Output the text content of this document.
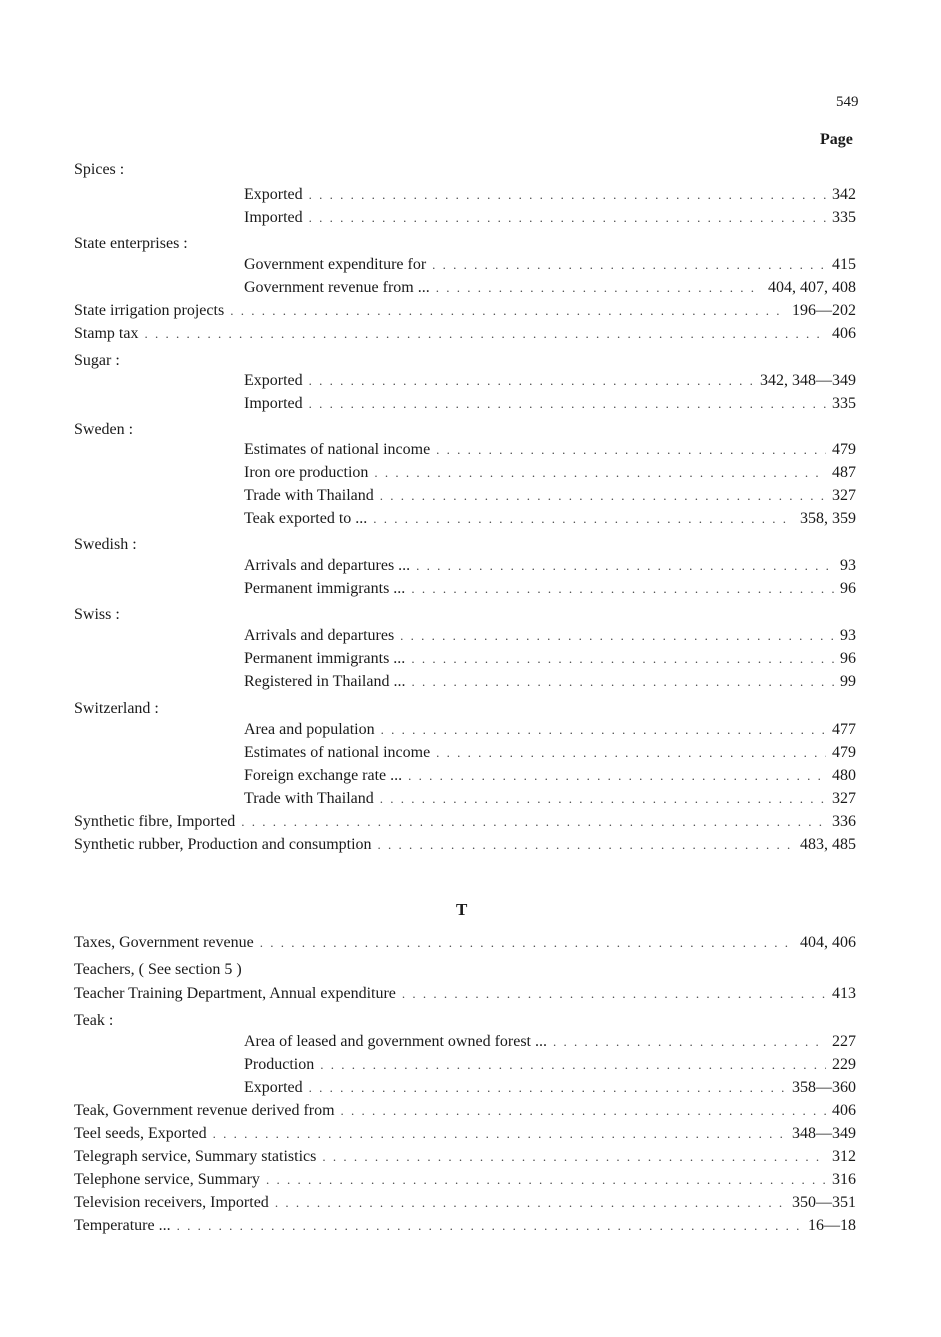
549
Page
Spices :
Exported . . .	342
Imported . . .	335
State enterprises :
Government expenditure for . . .	415
Government revenue from ... . . .	404, 407, 408
State irrigation projects . . .	196—202
Stamp tax . . .	406
Sugar :
Exported . . .	342, 348—349
Imported . . .	335
Sweden :
Estimates of national income . . .	479
Iron ore production . . .	487
Trade with Thailand . . .	327
Teak exported to ... . . .	358, 359
Swedish :
Arrivals and departures ... . . .	93
Permanent immigrants ... . . .	96
Swiss :
Arrivals and departures . . .	93
Permanent immigrants ... . . .	96
Registered in Thailand ... . . .	99
Switzerland :
Area and population . . .	477
Estimates of national income . . .	479
Foreign exchange rate ... . . .	480
Trade with Thailand . . .	327
Synthetic fibre, Imported . . .	336
Synthetic rubber, Production and consumption . . .	483, 485
T
Taxes, Government revenue . . .	404, 406
Teachers, ( See section 5 )
Teacher Training Department, Annual expenditure . . .	413
Teak :
Area of leased and government owned forest ... . . .	227
Production . . .	229
Exported . . .	358—360
Teak, Government revenue derived from . . .	406
Teel seeds, Exported . . .	348—349
Telegraph service, Summary statistics . . .	312
Telephone service, Summary . . .	316
Television receivers, Imported . . .	350—351
Temperature ... . . .	16—18
